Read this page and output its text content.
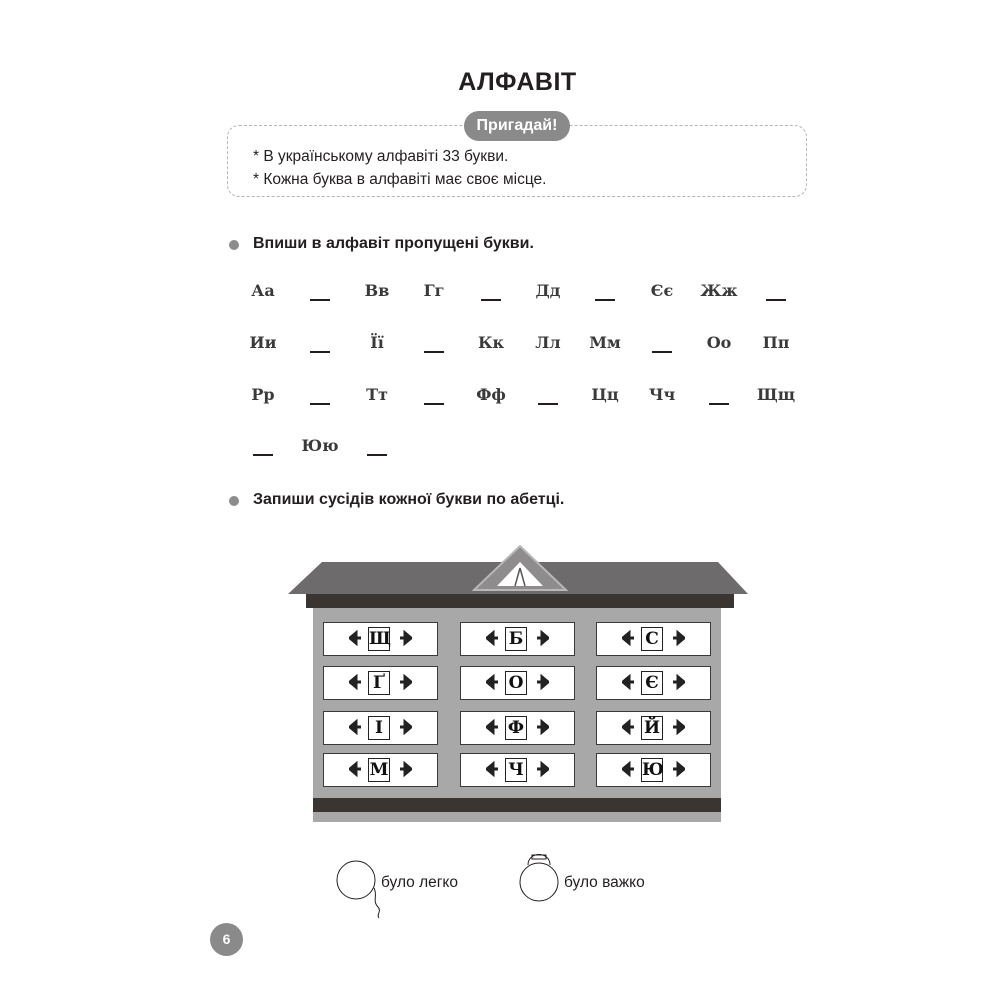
АЛФАВІТ
Пригадай!
* В українському алфавіті 33 букви.
* Кожна буква в алфавіті має своє місце.
Впиши в алфавіт пропущені букви.
Аа	Вв	Гг	Дд	Єє	Жж
Ии	Її	Кк	Лл	Мм	Оо	Пп
Рр	Тт	Фф	Цц	Чч	Щщ
Юю
Запиши сусідів кожної букви по абетці.
Щ	Б	С
Ґ	О	Є
І	Ф	Й
М	Ч	Ю
було легко	було важко
6
